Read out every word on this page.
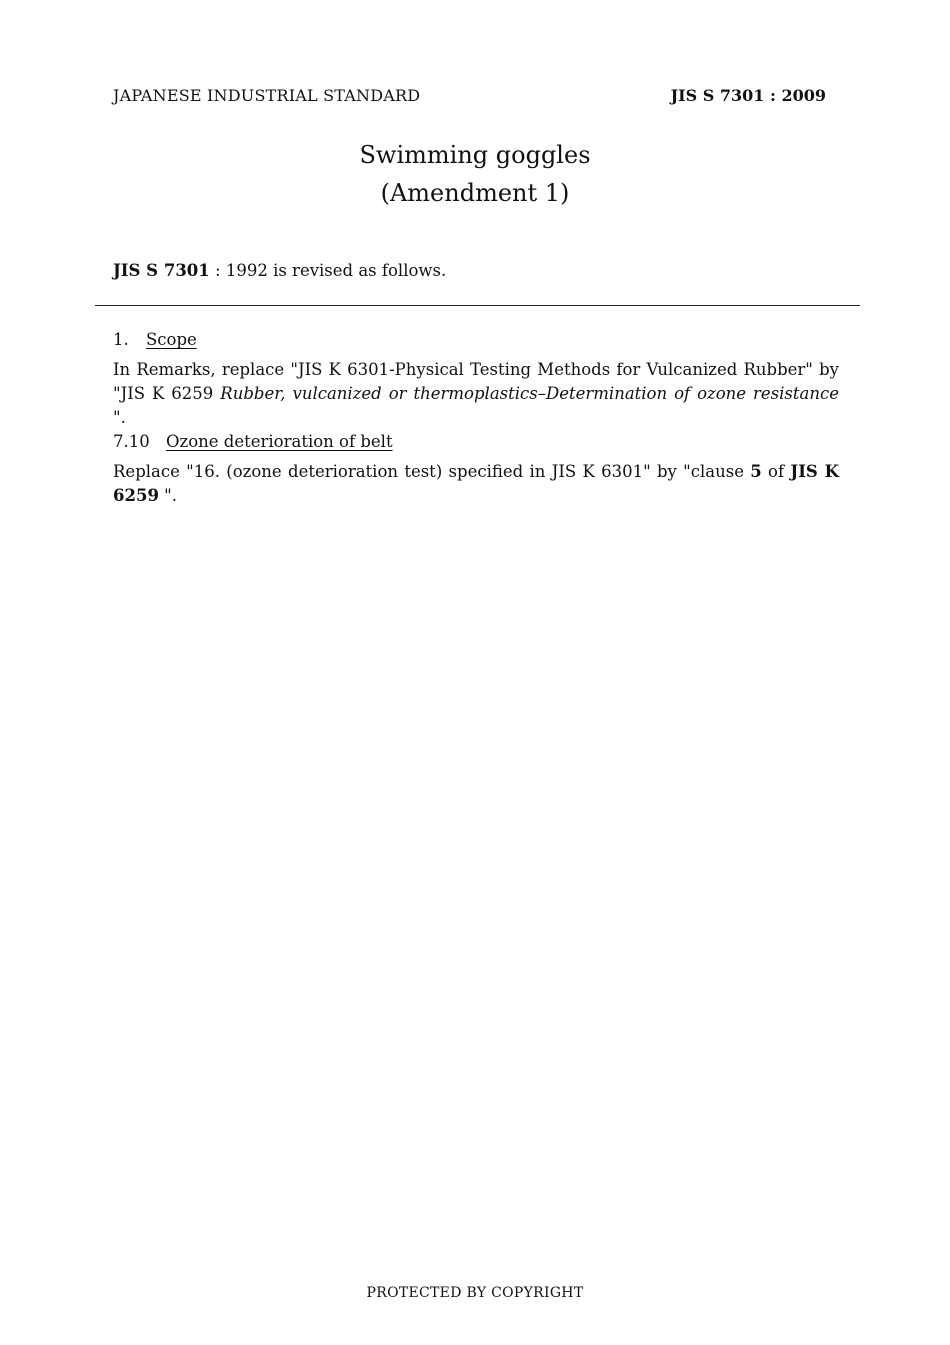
JAPANESE INDUSTRIAL STANDARD	JIS S 7301 : 2009
Swimming goggles
(Amendment 1)
JIS S 7301 : 1992 is revised as follows.
1. Scope
In Remarks, replace "JIS K 6301-Physical Testing Methods for Vulcanized Rubber" by "JIS K 6259 Rubber, vulcanized or thermoplastics–Determination of ozone resistance ".
7.10 Ozone deterioration of belt
Replace "16. (ozone deterioration test) specified in JIS K 6301" by "clause 5 of JIS K 6259 ".
PROTECTED BY COPYRIGHT
